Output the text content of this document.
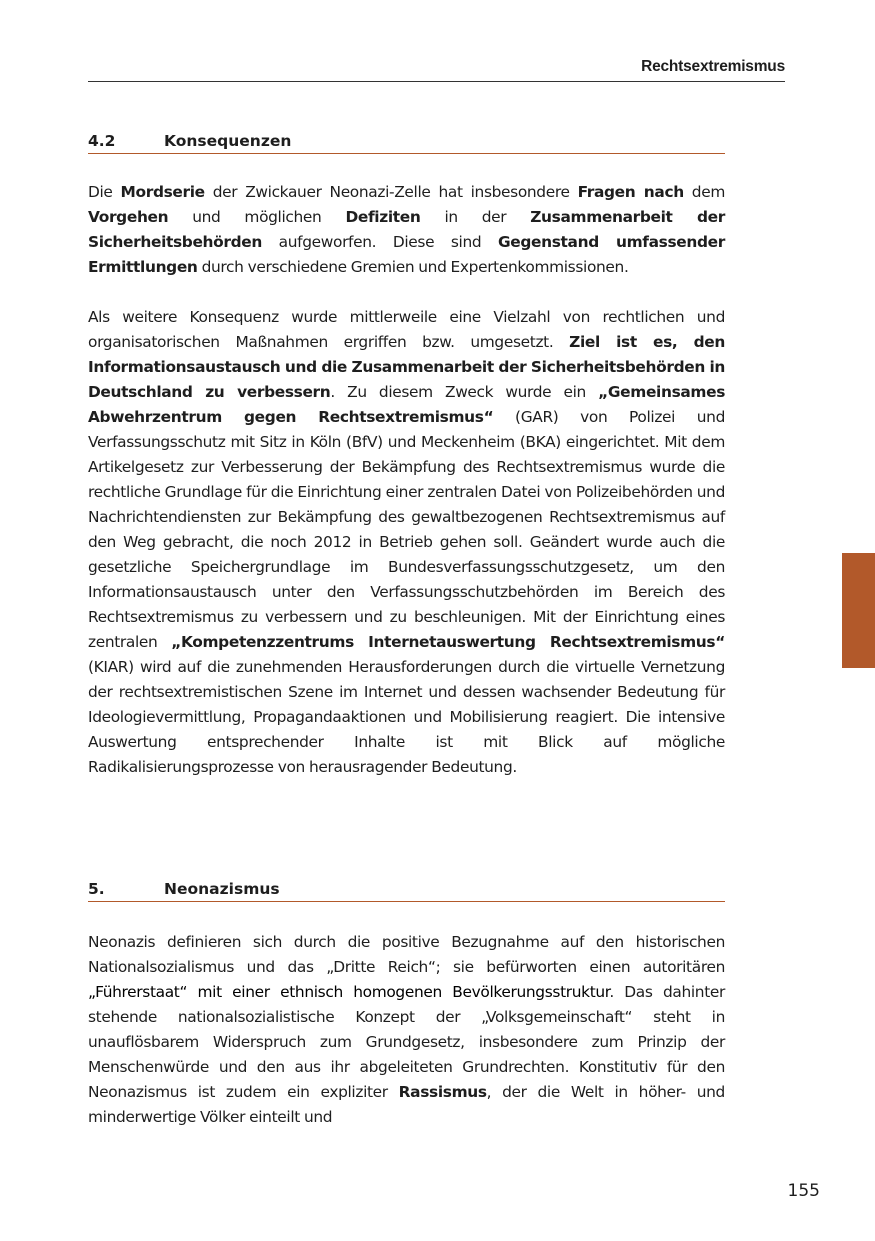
Rechtsextremismus
4.2	Konsequenzen

Die Mordserie der Zwickauer Neonazi-Zelle hat insbesondere Fragen nach dem Vorgehen und möglichen Defiziten in der Zusammenarbeit der Sicherheitsbehörden aufgeworfen. Diese sind Gegenstand umfassender Ermittlungen durch verschiedene Gremien und Expertenkommissionen.

Als weitere Konsequenz wurde mittlerweile eine Vielzahl von rechtlichen und organisatorischen Maßnahmen ergriffen bzw. umgesetzt. Ziel ist es, den Informationsaustausch und die Zusammenarbeit der Sicherheitsbehörden in Deutschland zu verbessern. Zu diesem Zweck wurde ein „Gemeinsames Abwehrzentrum gegen Rechtsextremismus“ (GAR) von Polizei und Verfassungsschutz mit Sitz in Köln (BfV) und Meckenheim (BKA) eingerichtet. Mit dem Artikelgesetz zur Verbesserung der Bekämpfung des Rechtsextremismus wurde die rechtliche Grundlage für die Einrichtung einer zentralen Datei von Polizeibehörden und Nachrichtendiensten zur Bekämpfung des gewaltbezogenen Rechtsextremismus auf den Weg gebracht, die noch 2012 in Betrieb gehen soll. Geändert wurde auch die gesetzliche Speichergrundlage im Bundesverfassungsschutzgesetz, um den Informationsaustausch unter den Verfassungsschutzbehörden im Bereich des Rechtsextremismus zu verbessern und zu beschleunigen. Mit der Einrichtung eines zentralen „Kompetenzzentrums Internetauswertung Rechtsextremismus“ (KIAR) wird auf die zunehmenden Herausforderungen durch die virtuelle Vernetzung der rechtsextremistischen Szene im Internet und dessen wachsender Bedeutung für Ideologievermittlung, Propagandaaktionen und Mobilisierung reagiert. Die intensive Auswertung entsprechender Inhalte ist mit Blick auf mögliche Radikalisierungsprozesse von herausragender Bedeutung.

5.	Neonazismus

Neonazis definieren sich durch die positive Bezugnahme auf den historischen Nationalsozialismus und das „Dritte Reich“; sie befürworten einen autoritären „Führerstaat“ mit einer ethnisch homogenen Bevölkerungsstruktur. Das dahinter stehende nationalsozialistische Konzept der „Volksgemeinschaft“ steht in unauflösbarem Widerspruch zum Grundgesetz, insbesondere zum Prinzip der Menschenwürde und den aus ihr abgeleiteten Grundrechten. Konstitutiv für den Neonazismus ist zudem ein expliziter Rassismus, der die Welt in höher- und minderwertige Völker einteilt und

155
